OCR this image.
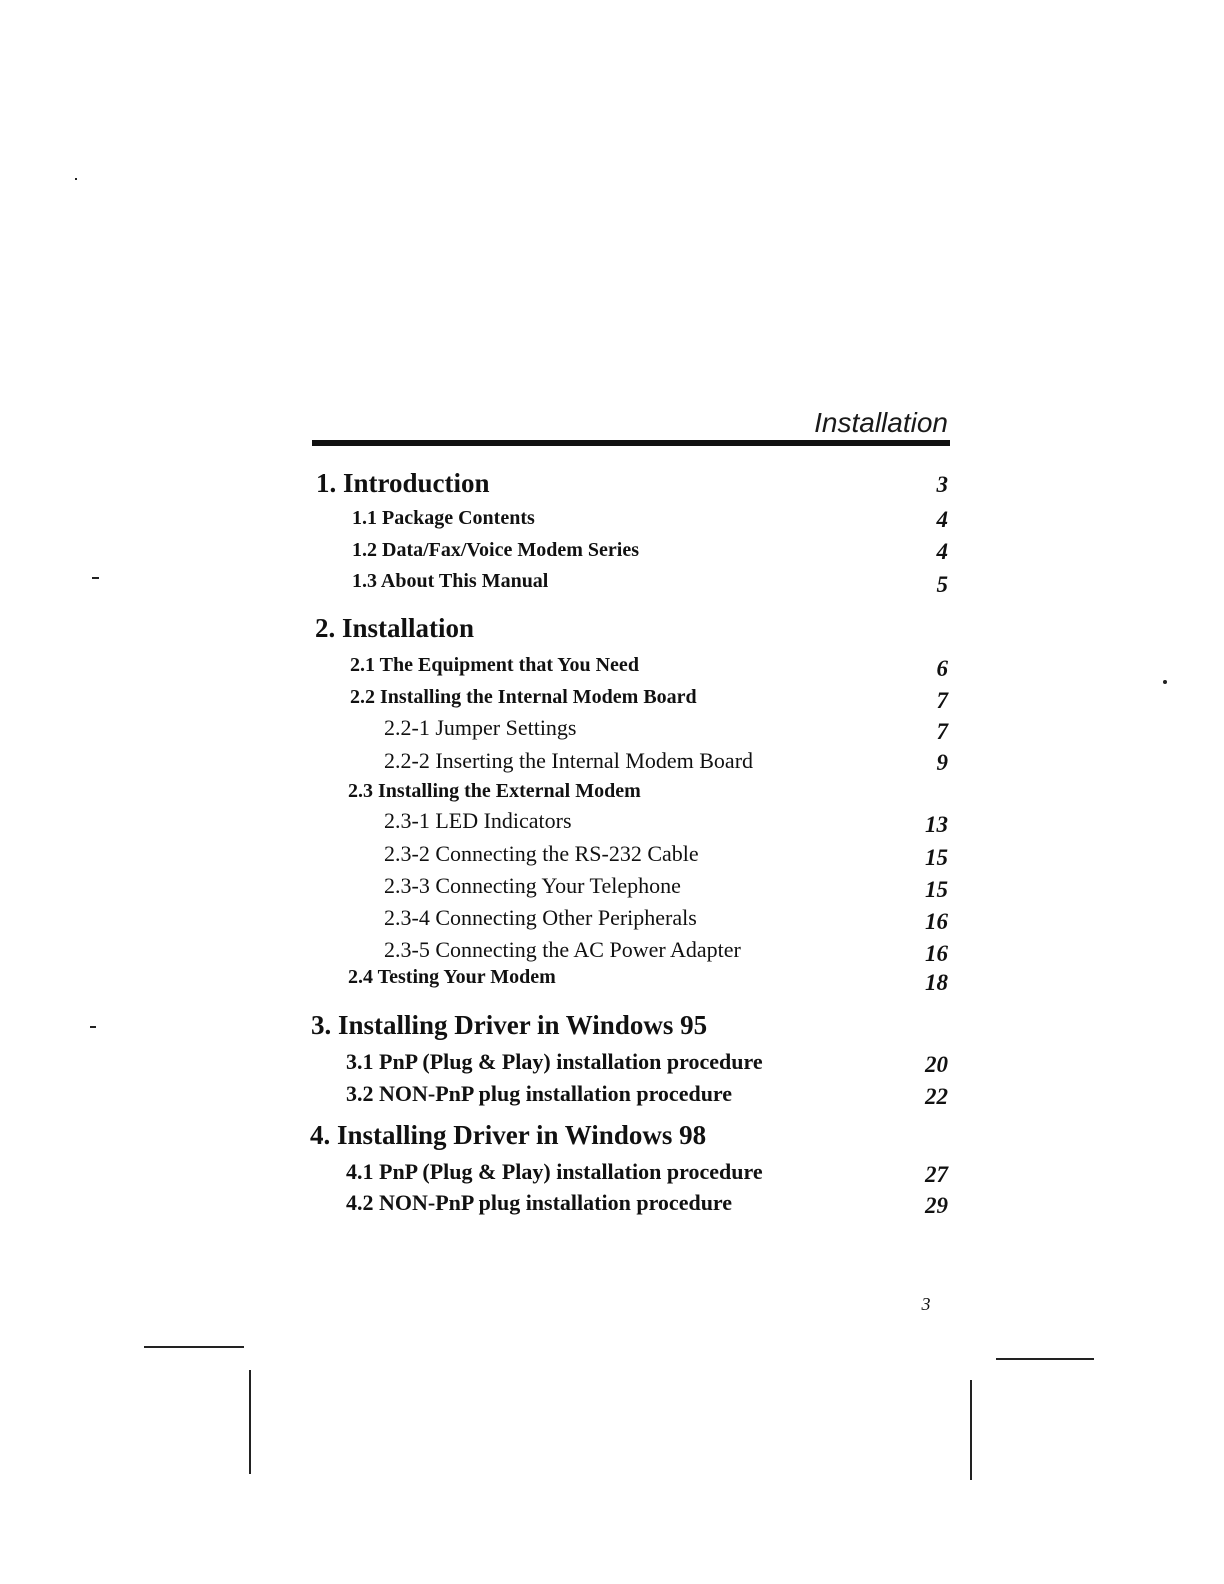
Installation
1. Introduction	3
1.1 Package Contents	4
1.2 Data/Fax/Voice Modem Series	4
1.3 About This Manual	5
2. Installation
2.1 The Equipment that You Need	6
2.2 Installing the Internal Modem Board	7
2.2-1 Jumper Settings	7
2.2-2 Inserting the Internal Modem Board	9
2.3 Installing the External Modem
2.3-1 LED Indicators	13
2.3-2 Connecting the RS-232 Cable	15
2.3-3 Connecting Your Telephone	15
2.3-4 Connecting Other Peripherals	16
2.3-5 Connecting the AC Power Adapter	16
2.4 Testing Your Modem	18
3. Installing Driver in Windows 95
3.1 PnP (Plug & Play) installation procedure	20
3.2 NON-PnP plug installation procedure	22
4. Installing Driver in Windows 98
4.1 PnP (Plug & Play) installation procedure	27
4.2 NON-PnP plug installation procedure	29
3
